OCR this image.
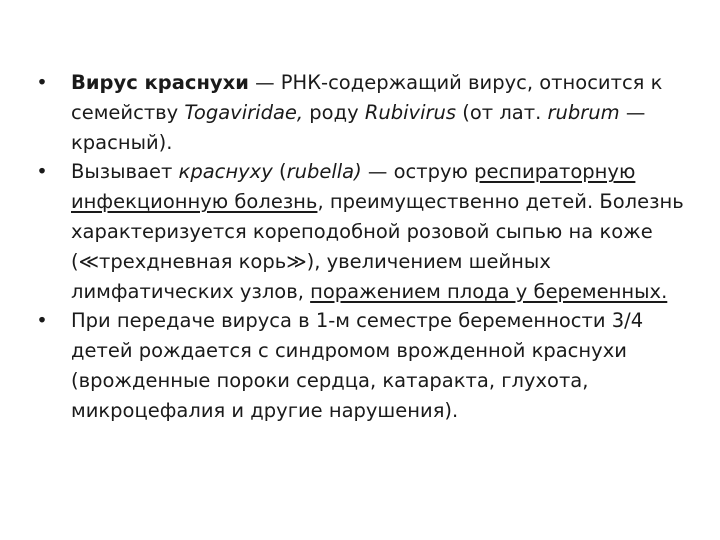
• Вирус краснухи — РНК-содержащий вирус, относится к семейству Togaviridae, роду Rubivirus (от лат. rubrum — красный).
• Вызывает краснуху (rubella) — острую респираторную инфекционную болезнь, преимущественно детей. Болезнь характеризуется кореподобной розовой сыпью на коже (≪трехдневная корь≫), увеличением шейных лимфатических узлов, поражением плода у беременных.
• При передаче вируса в 1-м семестре беременности 3/4 детей рождается с синдромом врожденной краснухи (врожденные пороки сердца, катаракта, глухота, микроцефалия и другие нарушения).
